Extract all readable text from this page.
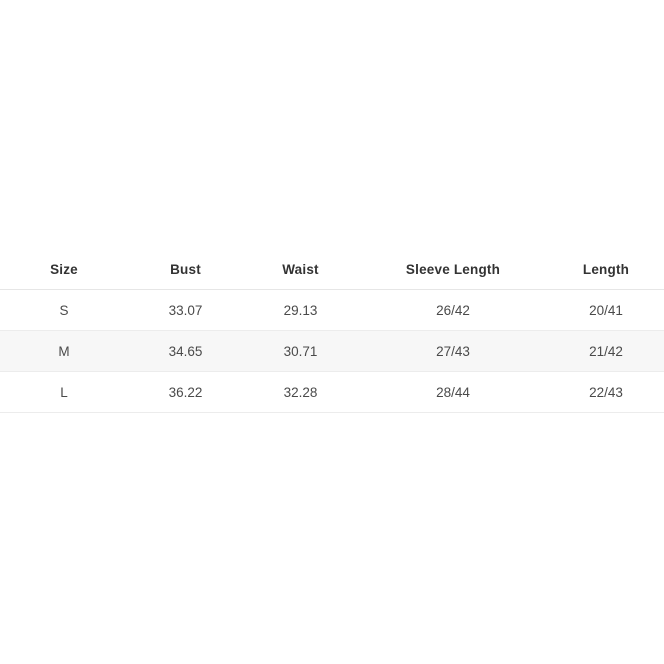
Size	Bust	Waist	Sleeve Length	Length
S	33.07	29.13	26/42	20/41
M	34.65	30.71	27/43	21/42
L	36.22	32.28	28/44	22/43
